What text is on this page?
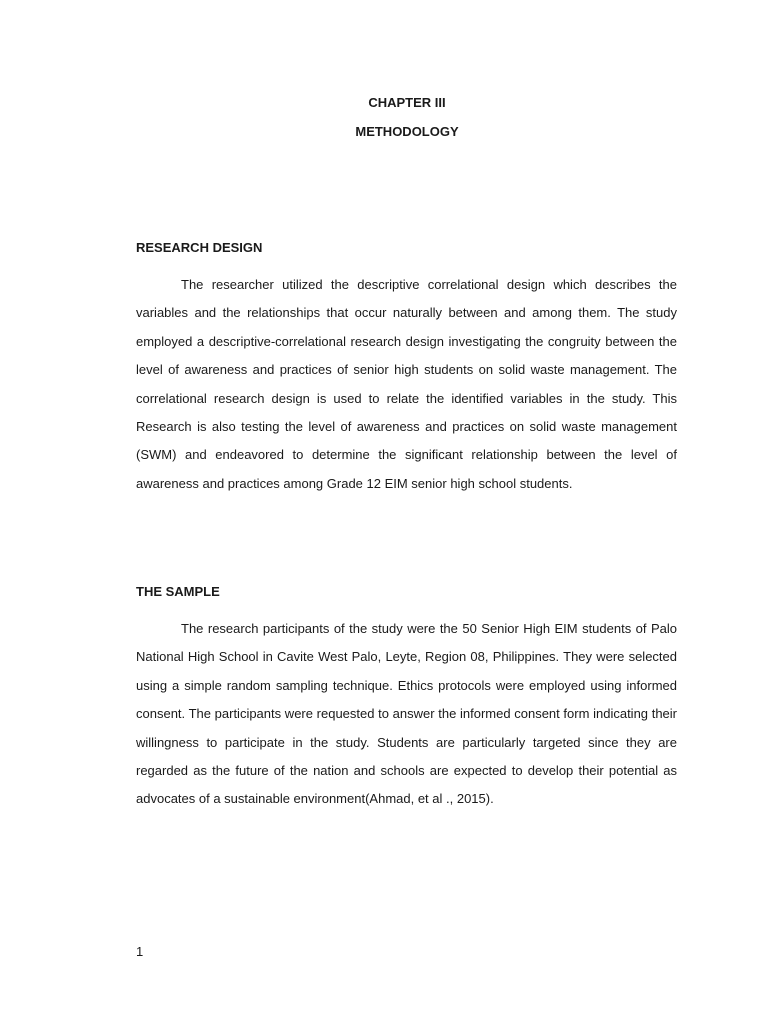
CHAPTER III
METHODOLOGY
RESEARCH DESIGN

The researcher utilized the descriptive correlational design which describes the variables and the relationships that occur naturally between and among them. The study employed a descriptive-correlational research design investigating the congruity between the level of awareness and practices of senior high students on solid waste management. The correlational research design is used to relate the identified variables in the study. This Research is also testing the level of awareness and practices on solid waste management (SWM) and endeavored to determine the significant relationship between the level of awareness and practices among Grade 12 EIM senior high school students.

THE SAMPLE

The research participants of the study were the 50 Senior High EIM students of Palo National High School in Cavite West Palo, Leyte, Region 08, Philippines. They were selected using a simple random sampling technique. Ethics protocols were employed using informed consent. The participants were requested to answer the informed consent form indicating their willingness to participate in the study. Students are particularly targeted since they are regarded as the future of the nation and schools are expected to develop their potential as advocates of a sustainable environment(Ahmad, et al ., 2015).

1
